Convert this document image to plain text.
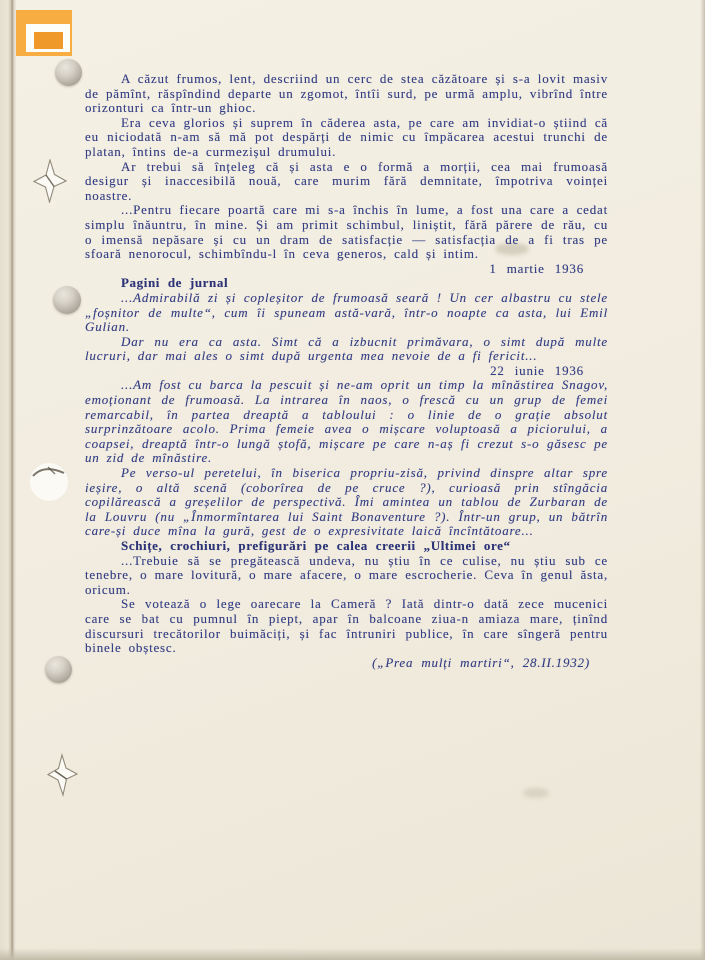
A căzut frumos, lent, descriind un cerc de stea căzătoare și s-a lovit masiv de pămînt, răspîndind departe un zgomot, întîi surd, pe urmă amplu, vibrînd între orizonturi ca într-un ghioc.

Era ceva glorios și suprem în căderea asta, pe care am invidiat-o știind că eu niciodată n-am să mă pot despărți de nimic cu împăcarea acestui trunchi de platan, întins de-a curmezișul drumului.

Ar trebui să înțeleg că și asta e o formă a morții, cea mai frumoasă desigur și inaccesibilă nouă, care murim fără demnitate, împotriva voinței noastre.

...Pentru fiecare poartă care mi s-a închis în lume, a fost una care a cedat simplu înăuntru, în mine. Și am primit schimbul, liniștit, fără părere de rău, cu o imensă nepăsare și cu un dram de satisfacție — satisfacția de a fi tras pe sfoară nenorocul, schimbîndu-l în ceva generos, cald și intim.

1 martie 1936

Pagini de jurnal

...Admirabilă zi și copleșitor de frumoasă seară ! Un cer albastru cu stele „foșnitor de multe“, cum îi spuneam astă-vară, într-o noapte ca asta, lui Emil Gulian.

Dar nu era ca asta. Simt că a izbucnit primăvara, o simt după multe lucruri, dar mai ales o simt după urgenta mea nevoie de a fi fericit...

22 iunie 1936

...Am fost cu barca la pescuit și ne-am oprit un timp la mînăstirea Snagov, emoționant de frumoasă. La intrarea în naos, o frescă cu un grup de femei remarcabil, în partea dreaptă a tabloului : o linie de o grație absolut surprinzătoare acolo. Prima femeie avea o mișcare voluptoasă a piciorului, a coapsei, dreaptă într-o lungă ștofă, mișcare pe care n-aș fi crezut s-o găsesc pe un zid de mînăstire.

Pe verso-ul peretelui, în biserica propriu-zisă, privind dinspre altar spre ieșire, o altă scenă (coborîrea de pe cruce ?), curioasă prin stîngăcia copilărească a greșelilor de perspectivă. Îmi amintea un tablou de Zurbaran de la Louvru (nu „Înmormîntarea lui Saint Bonaventure ?). Într-un grup, un bătrîn care-și duce mîna la gură, gest de o expresivitate laică încîntătoare...

Schițe, crochiuri, prefigurări pe calea creerii „Ultimei ore“

...Trebuie să se pregătească undeva, nu știu în ce culise, nu știu sub ce tenebre, o mare lovitură, o mare afacere, o mare escrocherie. Ceva în genul ăsta, oricum.

Se votează o lege oarecare la Cameră ? Iată dintr-o dată zece mucenici care se bat cu pumnul în piept, apar în balcoane ziua-n amiaza mare, ținînd discursuri trecătorilor buimăciți, și fac întruniri publice, în care sîngeră pentru binele obștesc.

(„Prea mulți martiri“, 28.II.1932)
